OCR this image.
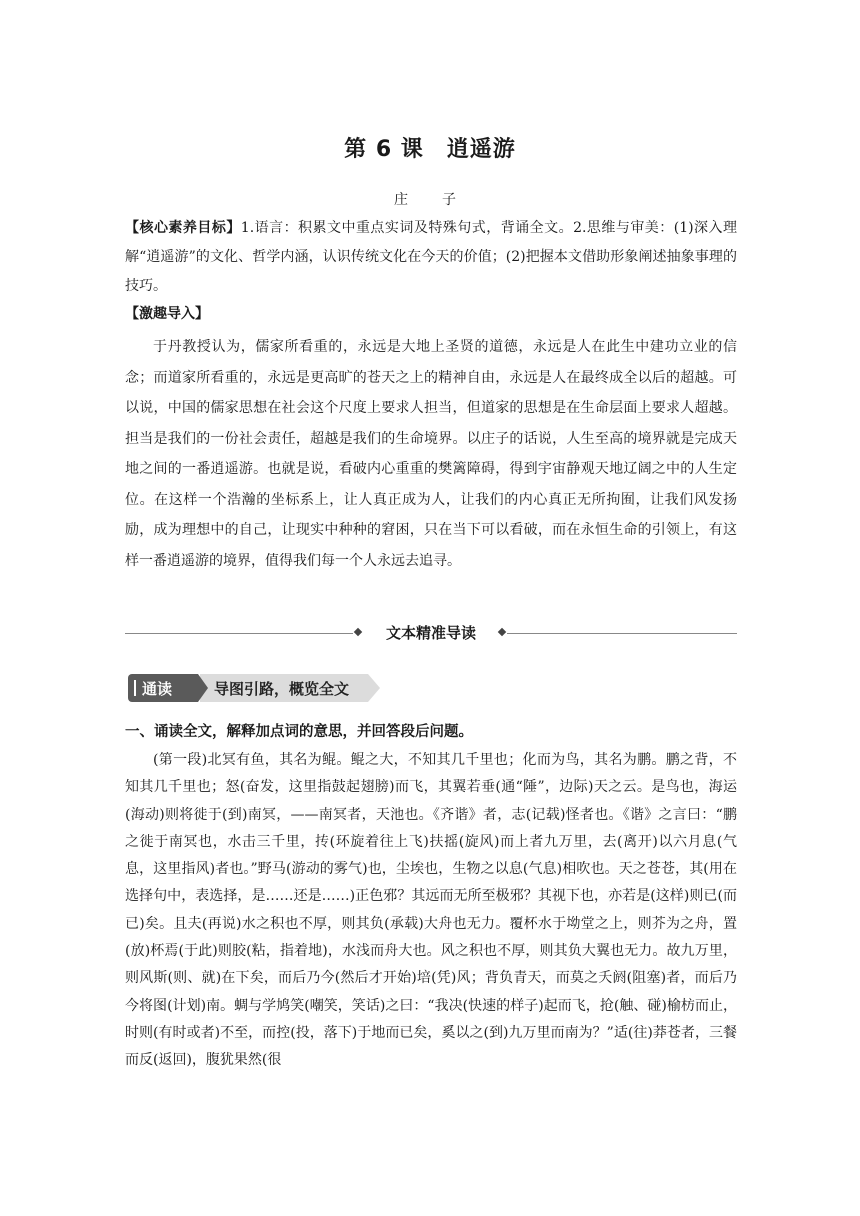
第 6 课　逍遥游
庄　子
【核心素养目标】1.语言：积累文中重点实词及特殊句式，背诵全文。2.思维与审美：(1)深入理解“逍遥游”的文化、哲学内涵，认识传统文化在今天的价值；(2)把握本文借助形象阐述抽象事理的技巧。
【激趣导入】
于丹教授认为，儒家所看重的，永远是大地上圣贤的道德，永远是人在此生中建功立业的信念；而道家所看重的，永远是更高旷的苍天之上的精神自由，永远是人在最终成全以后的超越。可以说，中国的儒家思想在社会这个尺度上要求人担当，但道家的思想是在生命层面上要求人超越。担当是我们的一份社会责任，超越是我们的生命境界。以庄子的话说，人生至高的境界就是完成天地之间的一番逍遥游。也就是说，看破内心重重的樊篱障碍，得到宇宙静观天地辽阔之中的人生定位。在这样一个浩瀚的坐标系上，让人真正成为人，让我们的内心真正无所拘囿，让我们风发扬励，成为理想中的自己，让现实中种种的窘困，只在当下可以看破，而在永恒生命的引领上，有这样一番逍遥游的境界，值得我们每一个人永远去追寻。
文本精准导读
通读	导图引路，概览全文
一、诵读全文，解释加点词的意思，并回答段后问题。
(第一段)北冥有鱼，其名为鲲。鲲之大，不知其几千里也；化而为鸟，其名为鹏。鹏之背，不知其几千里也；怒(奋发，这里指鼓起翅膀)而飞，其翼若垂(通“陲”，边际)天之云。是鸟也，海运(海动)则将徙于(到)南冥，——南冥者，天池也。《齐谐》者，志(记载)怪者也。《谐》之言曰：“鹏之徙于南冥也，水击三千里，抟(环旋着往上飞)扶摇(旋风)而上者九万里，去(离开)以六月息(气息，这里指风)者也。”野马(游动的雾气)也，尘埃也，生物之以息(气息)相吹也。天之苍苍，其(用在选择句中，表选择，是……还是……)正色邪？其远而无所至极邪？其视下也，亦若是(这样)则已(而已)矣。且夫(再说)水之积也不厚，则其负(承载)大舟也无力。覆杯水于坳堂之上，则芥为之舟，置(放)杯焉(于此)则胶(粘，指着地)，水浅而舟大也。风之积也不厚，则其负大翼也无力。故九万里，则风斯(则、就)在下矣，而后乃今(然后才开始)培(凭)风；背负青天，而莫之夭阏(阻塞)者，而后乃今将图(计划)南。蜩与学鸠笑(嘲笑，笑话)之曰：“我决(快速的样子)起而飞，抢(触、碰)榆枋而止，时则(有时或者)不至，而控(投，落下)于地而已矣，奚以之(到)九万里而南为？”适(往)莽苍者，三餐而反(返回)，腹犹果然(很
